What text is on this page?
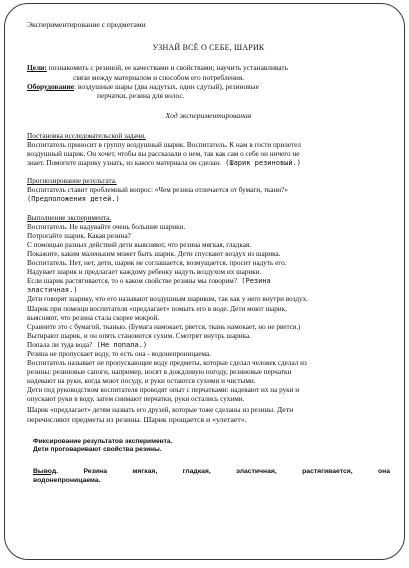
Экспериментирование с предметами

УЗНАЙ ВСЁ О СЕБЕ, ШАРИК

Цели: познакомить с резиной, ее качествами и свойствами; научить устанавливать
связи между материалом и способом его потребления.

Оборудование: воздушные шары (два надутых, один сдутый), резиновые
перчатки, резина для волос.

Ход экспериментирования

Постановка исследовательской задачи.

Воспитатель приносит в группу воздушный шарик. Воспитатель. К нам в гости прилетел

воздушный шарик. Он хочет, чтобы вы рассказали о нем, так как сам о себе он ничего не

знает. Помогите шарику узнать, из какого материала он сделан. (Шарик резиновый.)

Прогнозирование результата.

Воспитатель ставит проблемный вопрос: «Чем резина отличается от бумаги, ткани?»

(Предположения детей.)

Выполнение эксперимента.

Воспитатель. Не надувайте очень большие шарики.

Потрогайте шарик. Какая резина?

С помощью разных действий дети выясняют, что резина мягкая, гладкая.

Покажите, каким маленьким может быть шарик. Дети спускают воздух из шарика.

Воспитатель. Нет, нет, дети, шарик не соглашается, возмущается, просит надуть его.

Надувает шарик и предлагает каждому ребенку надуть воздухом их шарики.

Если шарик растягивается, то о каком свойстве резины мы говорим? (Резина

эластичная.)

Дети говорят шарику, что его называют воздушным шариком, так как у него внутри воздух.

Шарик при помощи воспитателя «предлагает» помыть его в воде. Дети моют шарик,

выясняют, что резина стала скорее мокрой.

Сравните это с бумагой, тканью. (Бумага намокает, рвется, ткань намокает, но не рвется.)

Вытирают шарик, и он опять становится сухим. Смотрят внутрь шарика.

Попала ли туда вода? (Не попала.)

Резина не пропускает воду, то есть она - водонепроницаема.

Воспитатель называет не пропускающие воду предметы, которые сделал человек сделал из

резины: резиновые сапоги, например, носят в дождливую погоду, резиновые перчатки

надевают на руки, когда моют посуду, и руки остаются сухими и чистыми.

Дети под руководством воспитателя проводят опыт с перчатками: надевают их на руки и

опускают руки в воду, затем снимают перчатки, руки остались сухими.

Шарик «предлагает» детям назвать его друзей, которые тоже сделаны из резины. Дети

перечисляют предметы из резины. Шарик прощается и «улетает».

Фиксирование результатов эксперимента.
Дети проговаривают свойства резины.

Вывод. Резина мягкая, гладкая, эластичная, растягивается, она

водонепроницаема.
